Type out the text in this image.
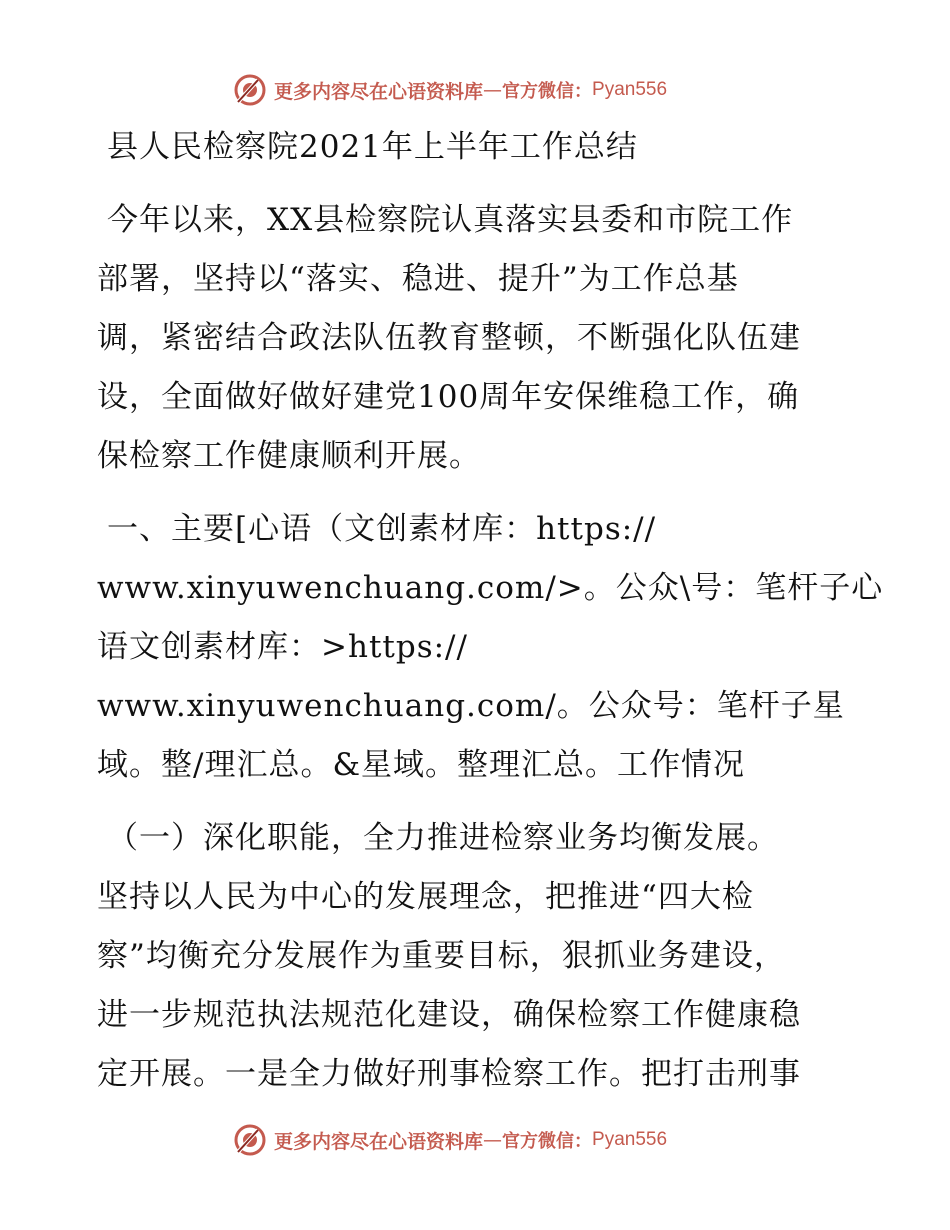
更多内容尽在心语资料库 — 官方微信： Pyan556
县人民检察院2021年上半年工作总结
今年以来，XX县检察院认真落实县委和市院工作
部署，坚持以“落实、稳进、提升”为工作总基
调，紧密结合政法队伍教育整顿，不断强化队伍建
设，全面做好做好建党100周年安保维稳工作，确
保检察工作健康顺利开展。
一、主要[心语（文创素材库：https://
www.xinyuwenchuang.com/>。公众\号：笔杆子心
语文创素材库：>https://
www.xinyuwenchuang.com/。公众号：笔杆子星
域。整/理汇总。&星域。整理汇总。工作情况
（一）深化职能，全力推进检察业务均衡发展。
坚持以人民为中心的发展理念，把推进“四大检
察”均衡充分发展作为重要目标，狠抓业务建设，
进一步规范执法规范化建设，确保检察工作健康稳
定开展。一是全力做好刑事检察工作。把打击刑事
更多内容尽在心语资料库 — 官方微信： Pyan556
